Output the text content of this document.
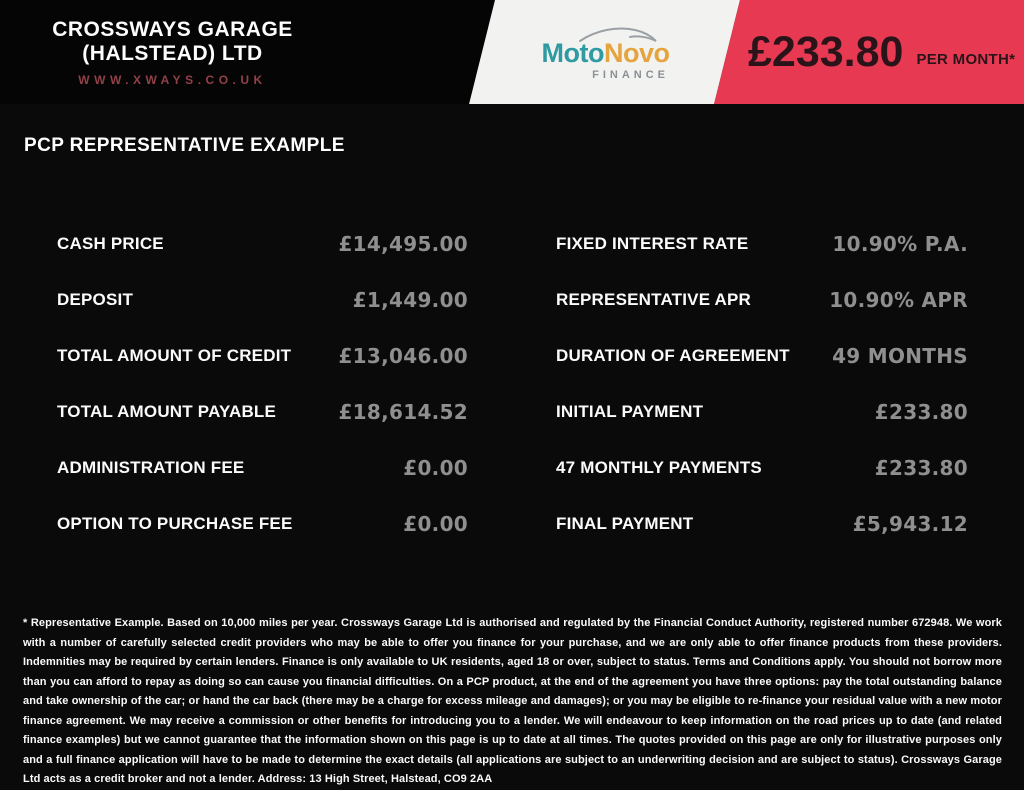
CROSSWAYS GARAGE
(HALSTEAD) LTD
WWW.XWAYS.CO.UK
MotoNovo
FINANCE £233.80 PER MONTH*
PCP REPRESENTATIVE EXAMPLE
CASH PRICE	£14,495.00
DEPOSIT	£1,449.00
TOTAL AMOUNT OF CREDIT £13,046.00
TOTAL AMOUNT PAYABLE	£18,614.52
ADMINISTRATION FEE	£0.00
OPTION TO PURCHASE FEE	£0.00
FIXED INTEREST RATE	10.90% P.A.
REPRESENTATIVE APR	10.90% APR
DURATION OF AGREEMENT 49 MONTHS
INITIAL PAYMENT	£233.80
47 MONTHLY PAYMENTS	£233.80
FINAL PAYMENT	£5,943.12
* Representative Example. Based on 10,000 miles per year. Crossways Garage Ltd is authorised and regulated by the Financial Conduct Authority, registered number 672948. We work with a number of carefully selected credit providers who may be able to offer you finance for your purchase, and we are only able to offer finance products from these providers. Indemnities may be required by certain lenders. Finance is only available to UK residents, aged 18 or over, subject to status. Terms and Conditions apply. You should not borrow more than you can afford to repay as doing so can cause you financial difficulties. On a PCP product, at the end of the agreement you have three options: pay the total outstanding balance and take ownership of the car; or hand the car back (there may be a charge for excess mileage and damages); or you may be eligible to re-finance your residual value with a new motor finance agreement. We may receive a commission or other benefits for introducing you to a lender. We will endeavour to keep information on the road prices up to date (and related finance examples) but we cannot guarantee that the information shown on this page is up to date at all times. The quotes provided on this page are only for illustrative purposes only and a full finance application will have to be made to determine the exact details (all applications are subject to an underwriting decision and are subject to status). Crossways Garage Ltd acts as a credit broker and not a lender. Address: 13 High Street, Halstead, CO9 2AA
